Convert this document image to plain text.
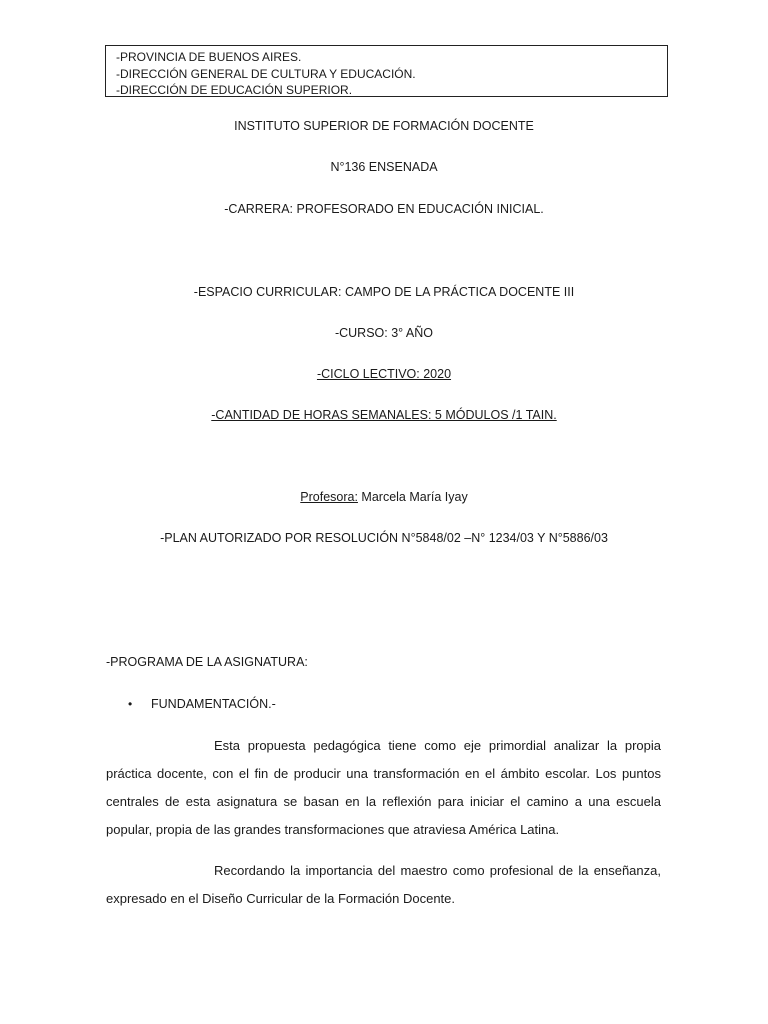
-PROVINCIA DE BUENOS AIRES.
-DIRECCIÓN GENERAL DE CULTURA Y EDUCACIÓN.
-DIRECCIÓN DE EDUCACIÓN SUPERIOR.
INSTITUTO SUPERIOR DE FORMACIÓN DOCENTE
N°136 ENSENADA
-CARRERA: PROFESORADO EN EDUCACIÓN INICIAL.
-ESPACIO CURRICULAR: CAMPO DE LA PRÁCTICA DOCENTE III
-CURSO: 3° AÑO
-CICLO LECTIVO: 2020
-CANTIDAD DE HORAS SEMANALES: 5 MÓDULOS /1 TAIN.
Profesora: Marcela María Iyay
-PLAN AUTORIZADO POR RESOLUCIÓN N°5848/02 –N° 1234/03 Y N°5886/03
-PROGRAMA DE LA ASIGNATURA:
• FUNDAMENTACIÓN.-

Esta propuesta pedagógica tiene como eje primordial analizar la propia práctica docente, con el fin de producir una transformación en el ámbito escolar. Los puntos centrales de esta asignatura se basan en la reflexión para iniciar el camino a una escuela popular, propia de las grandes transformaciones que atraviesa América Latina.

Recordando la importancia del maestro como profesional de la enseñanza, expresado en el Diseño Curricular de la Formación Docente.
